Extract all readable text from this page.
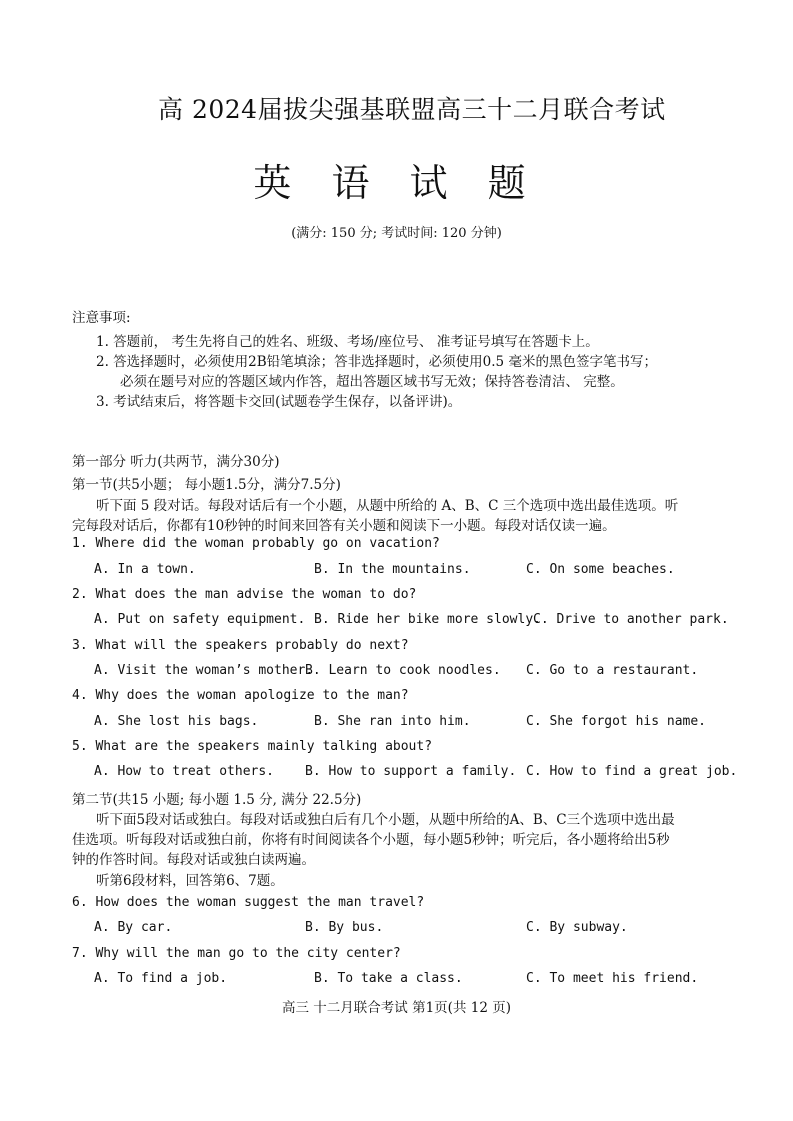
高 2024届拔尖强基联盟高三十二月联合考试
英 语 试 题
(满分: 150 分; 考试时间: 120 分钟)
注意事项:
1. 答题前， 考生先将自己的姓名、班级、考场/座位号、 准考证号填写在答题卡上。
2. 答选择题时，必须使用2B铅笔填涂；答非选择题时，必须使用0.5 毫米的黑色签字笔书写；
必须在题号对应的答题区域内作答，超出答题区域书写无效；保持答卷清洁、 完整。
3. 考试结束后，将答题卡交回(试题卷学生保存，以备评讲)。
第一部分 听力(共两节，满分30分)
第一节(共5小题； 每小题1.5分，满分7.5分)
听下面 5 段对话。每段对话后有一个小题，从题中所给的 A、B、C 三个选项中选出最佳选项。听
完每段对话后，你都有10秒钟的时间来回答有关小题和阅读下一小题。每段对话仅读一遍。
1. Where did the woman probably go on vacation?
A. In a town.	B. In the mountains.	C. On some beaches.
2. What does the man advise the woman to do?
A. Put on safety equipment. B. Ride her bike more slowly.
C. Drive to another park.
3. What will the speakers probably do next?
A. Visit the woman’s mother.
B. Learn to cook noodles. C. Go to a restaurant.
4. Why does the woman apologize to the man?
A. She lost his bags.	B. She ran into him.	C. She forgot his name.
5. What are the speakers mainly talking about?
A. How to treat others. B. How to support a family. C. How to find a great job.
第二节(共15 小题; 每小题 1.5 分, 满分 22.5分)
听下面5段对话或独白。每段对话或独白后有几个小题，从题中所给的A、B、C三个选项中选出最
佳选项。听每段对话或独白前，你将有时间阅读各个小题，每小题5秒钟；听完后，各小题将给出5秒
钟的作答时间。每段对话或独白读两遍。
听第6段材料，回答第6、7题。
6. How does the woman suggest the man travel?
A. By car.	B. By bus.	C. By subway.
7. Why will the man go to the city center?
A. To find a job.	B. To take a class.	C. To meet his friend.
高三 十二月联合考试 第1页(共 12 页)
